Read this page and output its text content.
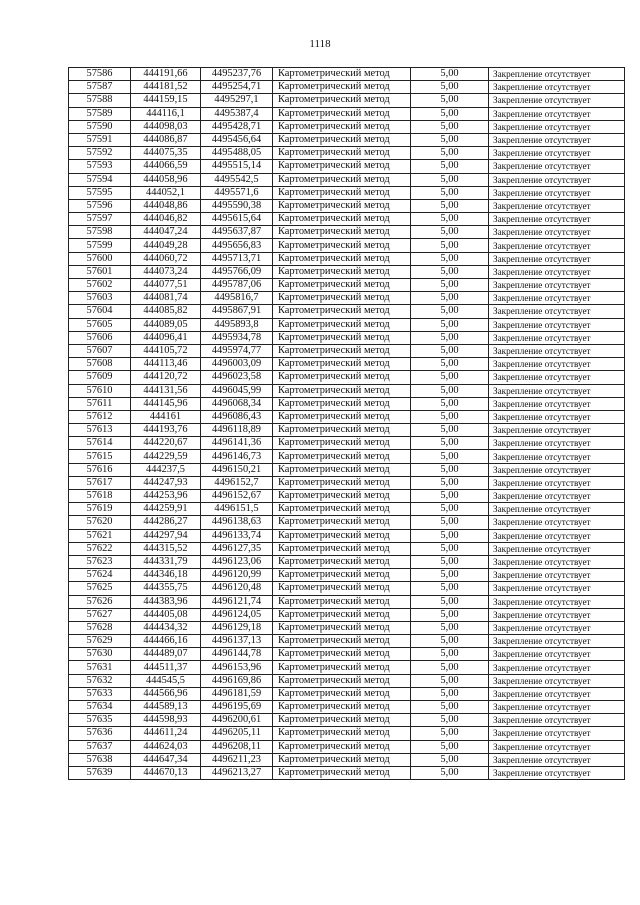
1118
57586	444191,66	4495237,76	Картометрический метод	5,00	Закрепление отсутствует
57587	444181,52	4495254,71	Картометрический метод	5,00	Закрепление отсутствует
57588	444159,15	4495297,1	Картометрический метод	5,00	Закрепление отсутствует
57589	444116,1	4495387,4	Картометрический метод	5,00	Закрепление отсутствует
57590	444098,03	4495428,71	Картометрический метод	5,00	Закрепление отсутствует
57591	444086,87	4495456,64	Картометрический метод	5,00	Закрепление отсутствует
57592	444075,35	4495488,05	Картометрический метод	5,00	Закрепление отсутствует
57593	444066,59	4495515,14	Картометрический метод	5,00	Закрепление отсутствует
57594	444058,96	4495542,5	Картометрический метод	5,00	Закрепление отсутствует
57595	444052,1	4495571,6	Картометрический метод	5,00	Закрепление отсутствует
57596	444048,86	4495590,38	Картометрический метод	5,00	Закрепление отсутствует
57597	444046,82	4495615,64	Картометрический метод	5,00	Закрепление отсутствует
57598	444047,24	4495637,87	Картометрический метод	5,00	Закрепление отсутствует
57599	444049,28	4495656,83	Картометрический метод	5,00	Закрепление отсутствует
57600	444060,72	4495713,71	Картометрический метод	5,00	Закрепление отсутствует
57601	444073,24	4495766,09	Картометрический метод	5,00	Закрепление отсутствует
57602	444077,51	4495787,06	Картометрический метод	5,00	Закрепление отсутствует
57603	444081,74	4495816,7	Картометрический метод	5,00	Закрепление отсутствует
57604	444085,82	4495867,91	Картометрический метод	5,00	Закрепление отсутствует
57605	444089,05	4495893,8	Картометрический метод	5,00	Закрепление отсутствует
57606	444096,41	4495934,78	Картометрический метод	5,00	Закрепление отсутствует
57607	444105,72	4495974,77	Картометрический метод	5,00	Закрепление отсутствует
57608	444113,46	4496003,09	Картометрический метод	5,00	Закрепление отсутствует
57609	444120,72	4496023,58	Картометрический метод	5,00	Закрепление отсутствует
57610	444131,56	4496045,99	Картометрический метод	5,00	Закрепление отсутствует
57611	444145,96	4496068,34	Картометрический метод	5,00	Закрепление отсутствует
57612	444161	4496086,43	Картометрический метод	5,00	Закрепление отсутствует
57613	444193,76	4496118,89	Картометрический метод	5,00	Закрепление отсутствует
57614	444220,67	4496141,36	Картометрический метод	5,00	Закрепление отсутствует
57615	444229,59	4496146,73	Картометрический метод	5,00	Закрепление отсутствует
57616	444237,5	4496150,21	Картометрический метод	5,00	Закрепление отсутствует
57617	444247,93	4496152,7	Картометрический метод	5,00	Закрепление отсутствует
57618	444253,96	4496152,67	Картометрический метод	5,00	Закрепление отсутствует
57619	444259,91	4496151,5	Картометрический метод	5,00	Закрепление отсутствует
57620	444286,27	4496138,63	Картометрический метод	5,00	Закрепление отсутствует
57621	444297,94	4496133,74	Картометрический метод	5,00	Закрепление отсутствует
57622	444315,52	4496127,35	Картометрический метод	5,00	Закрепление отсутствует
57623	444331,79	4496123,06	Картометрический метод	5,00	Закрепление отсутствует
57624	444346,18	4496120,99	Картометрический метод	5,00	Закрепление отсутствует
57625	444355,75	4496120,48	Картометрический метод	5,00	Закрепление отсутствует
57626	444383,96	4496121,74	Картометрический метод	5,00	Закрепление отсутствует
57627	444405,08	4496124,05	Картометрический метод	5,00	Закрепление отсутствует
57628	444434,32	4496129,18	Картометрический метод	5,00	Закрепление отсутствует
57629	444466,16	4496137,13	Картометрический метод	5,00	Закрепление отсутствует
57630	444489,07	4496144,78	Картометрический метод	5,00	Закрепление отсутствует
57631	444511,37	4496153,96	Картометрический метод	5,00	Закрепление отсутствует
57632	444545,5	4496169,86	Картометрический метод	5,00	Закрепление отсутствует
57633	444566,96	4496181,59	Картометрический метод	5,00	Закрепление отсутствует
57634	444589,13	4496195,69	Картометрический метод	5,00	Закрепление отсутствует
57635	444598,93	4496200,61	Картометрический метод	5,00	Закрепление отсутствует
57636	444611,24	4496205,11	Картометрический метод	5,00	Закрепление отсутствует
57637	444624,03	4496208,11	Картометрический метод	5,00	Закрепление отсутствует
57638	444647,34	4496211,23	Картометрический метод	5,00	Закрепление отсутствует
57639	444670,13	4496213,27	Картометрический метод	5,00	Закрепление отсутствует
